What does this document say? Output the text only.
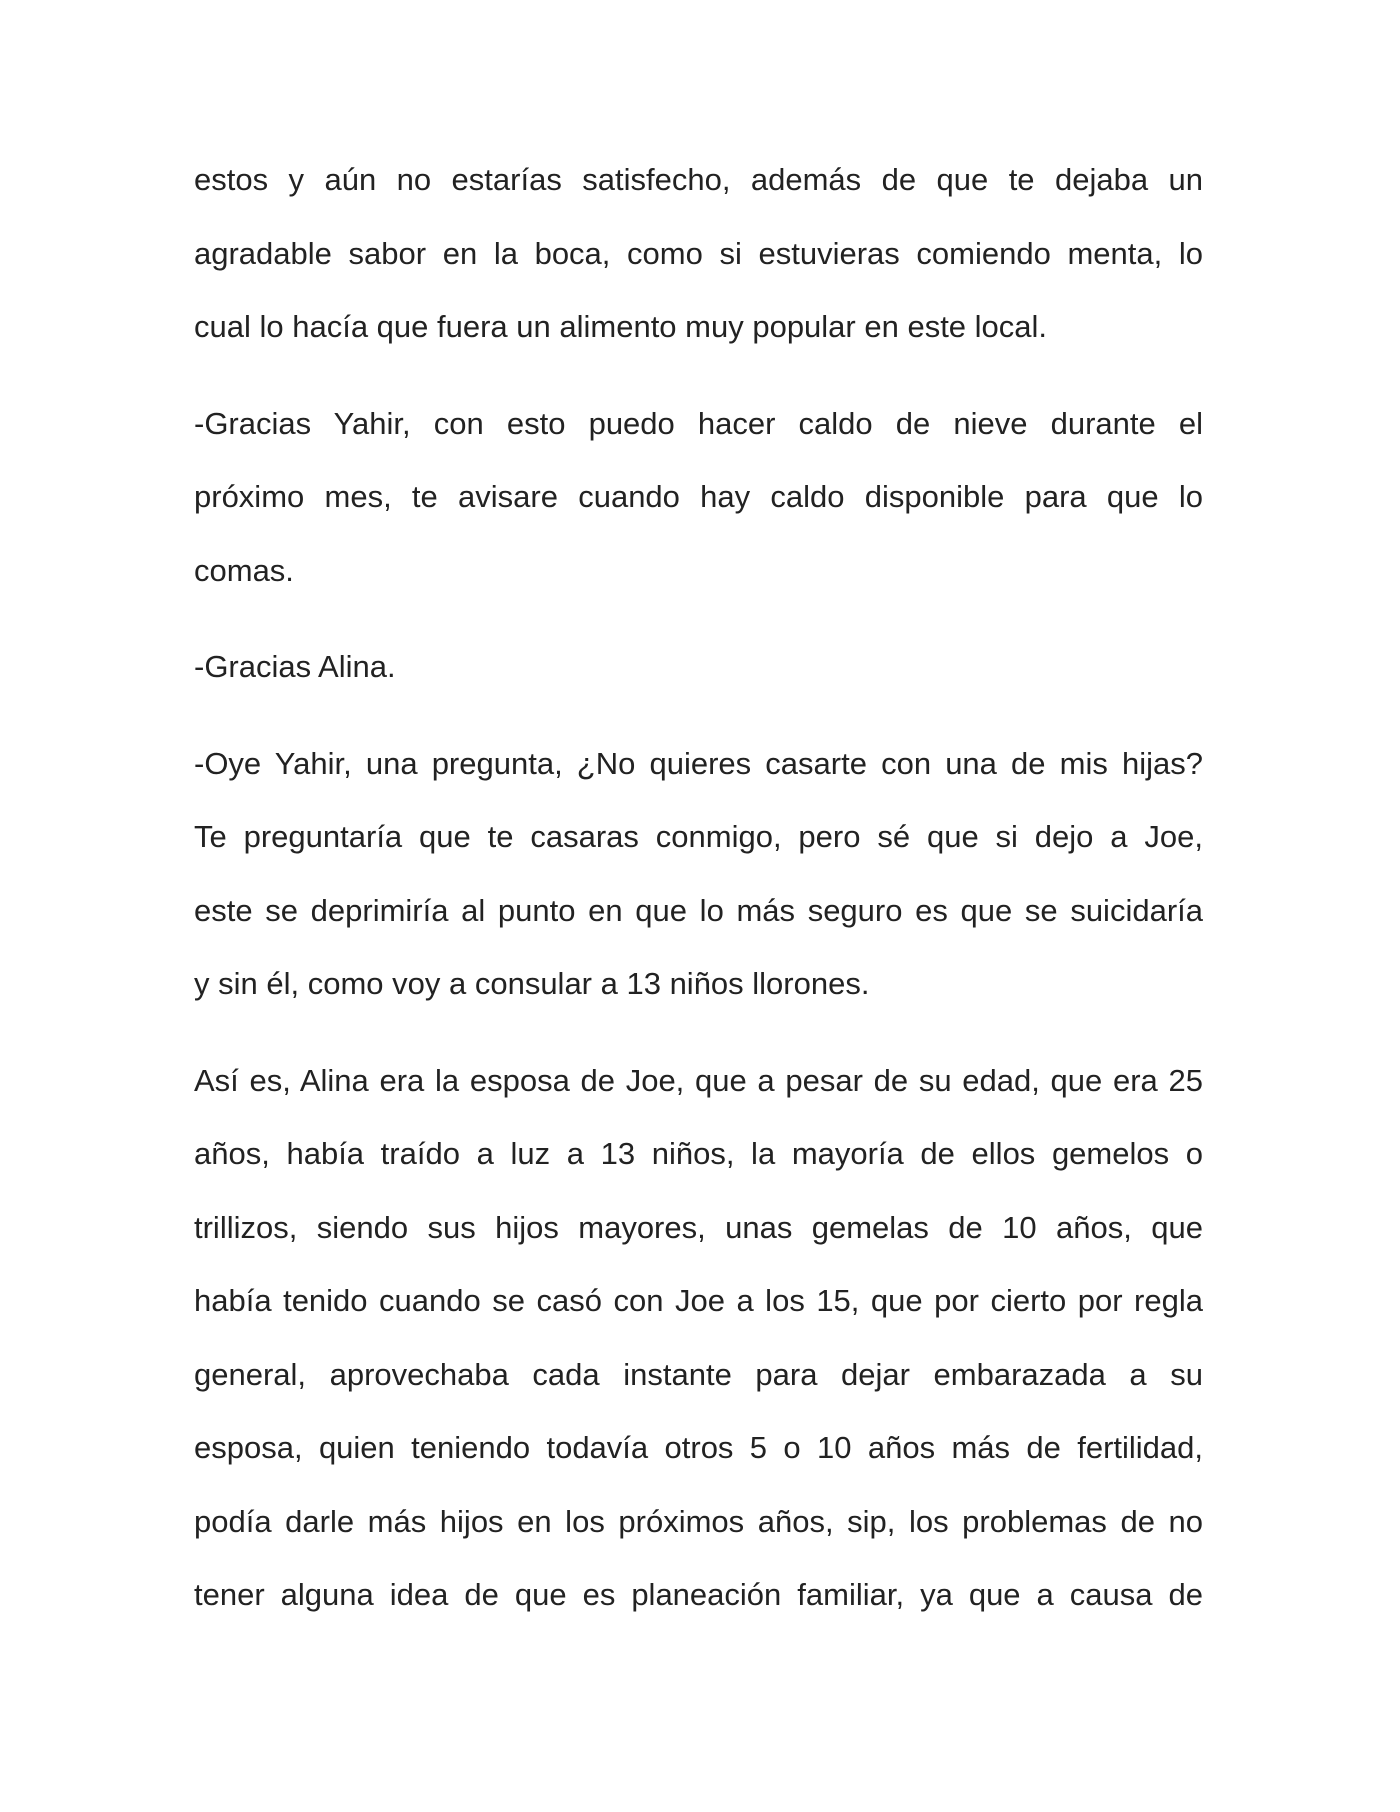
estos y aún no estarías satisfecho, además de que te dejaba un
agradable sabor en la boca, como si estuvieras comiendo menta, lo
cual lo hacía que fuera un alimento muy popular en este local.
-Gracias Yahir, con esto puedo hacer caldo de nieve durante el
próximo mes, te avisare cuando hay caldo disponible para que lo
comas.
-Gracias Alina.
-Oye Yahir, una pregunta, ¿No quieres casarte con una de mis hijas?
Te preguntaría que te casaras conmigo, pero sé que si dejo a Joe,
este se deprimiría al punto en que lo más seguro es que se suicidaría
y sin él, como voy a consular a 13 niños llorones.
Así es, Alina era la esposa de Joe, que a pesar de su edad, que era 25
años, había traído a luz a 13 niños, la mayoría de ellos gemelos o
trillizos, siendo sus hijos mayores, unas gemelas de 10 años, que
había tenido cuando se casó con Joe a los 15, que por cierto por regla
general, aprovechaba cada instante para dejar embarazada a su
esposa, quien teniendo todavía otros 5 o 10 años más de fertilidad,
podía darle más hijos en los próximos años, sip, los problemas de no
tener alguna idea de que es planeación familiar, ya que a causa de
